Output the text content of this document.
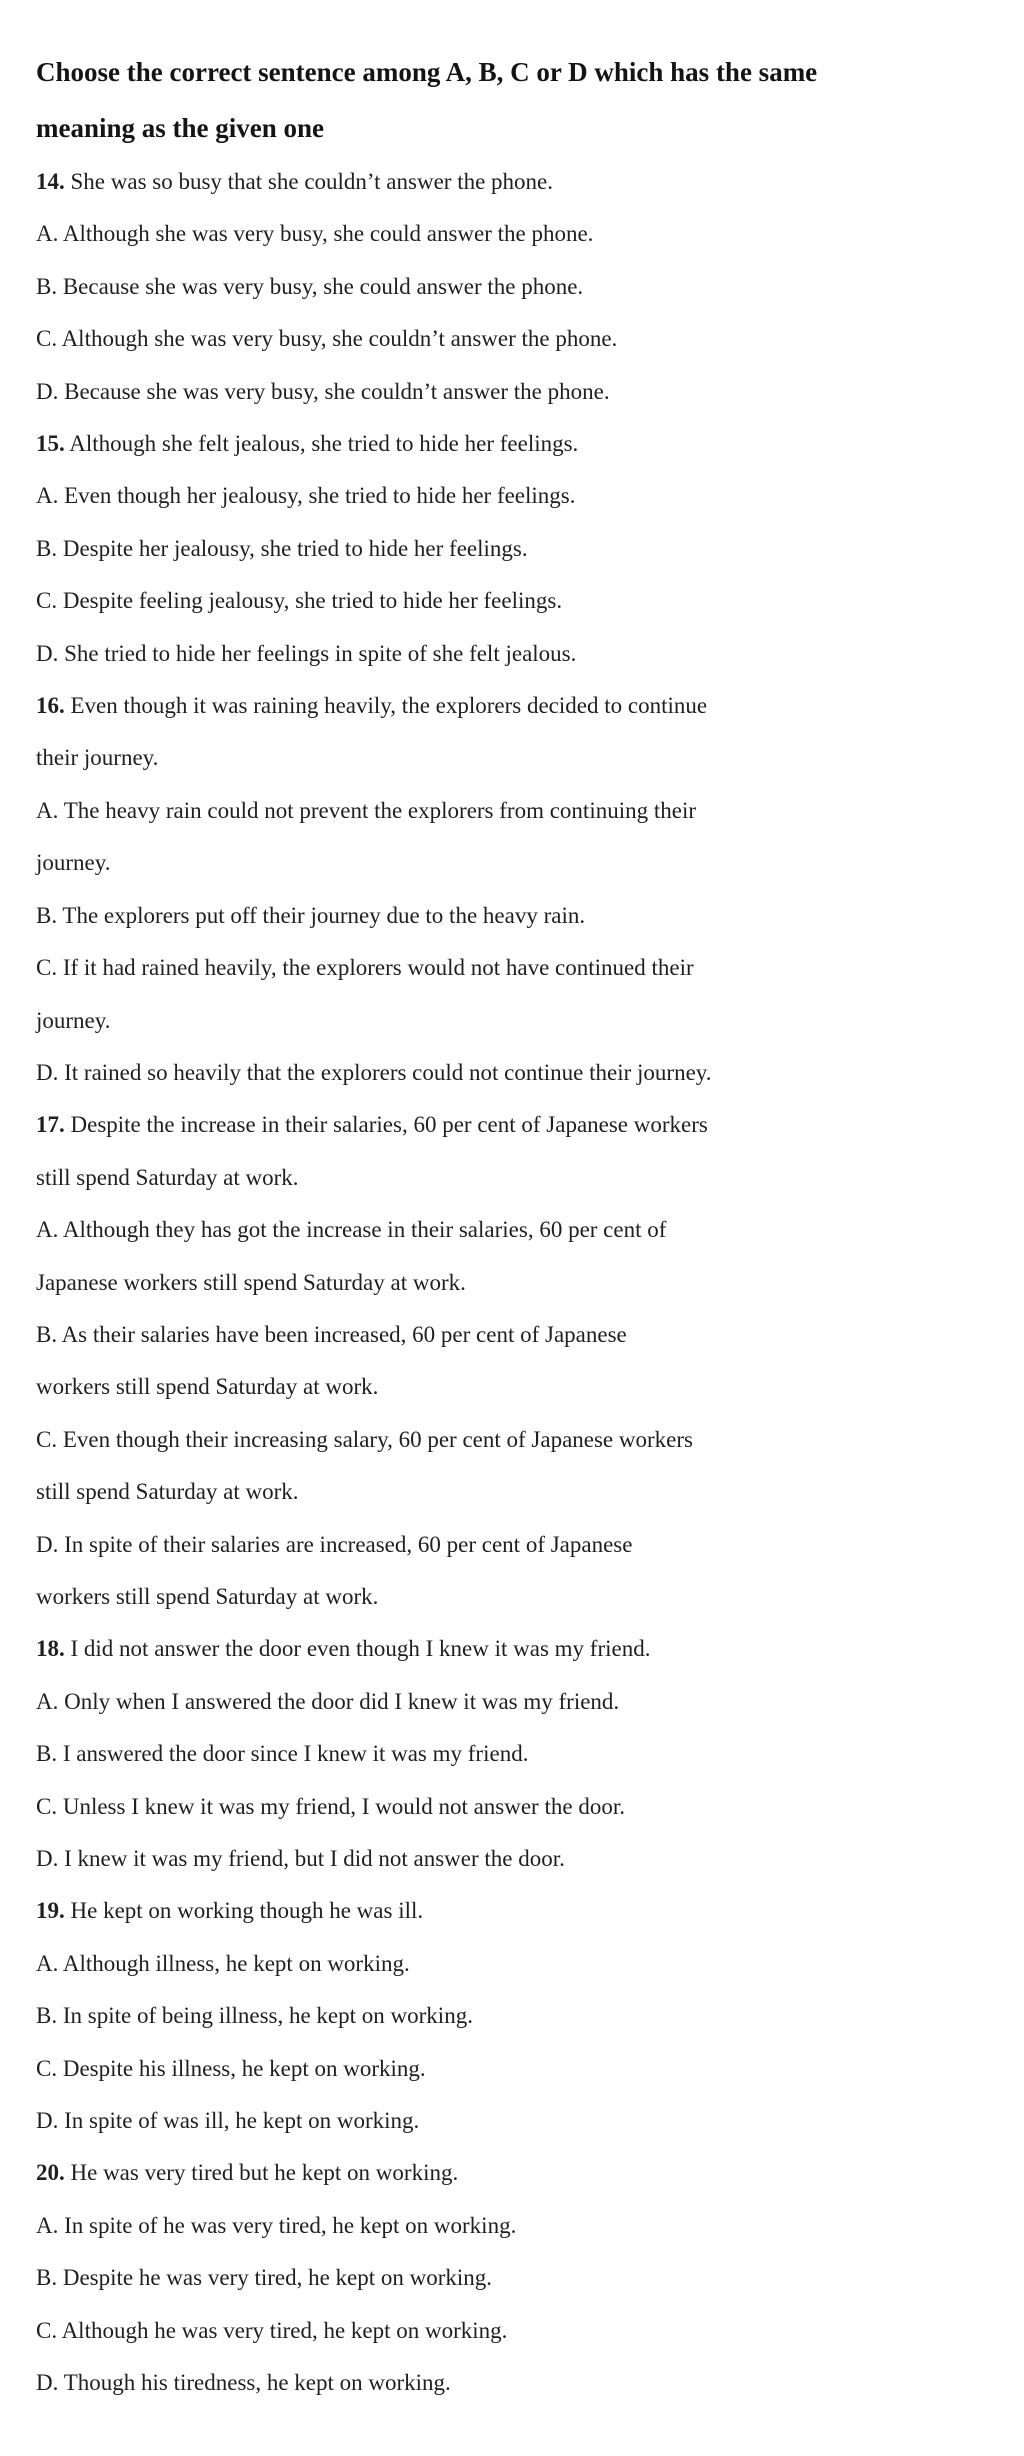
Choose the correct sentence among A, B, C or D which has the same
meaning as the given one

14. She was so busy that she couldn’t answer the phone.

A. Although she was very busy, she could answer the phone.

B. Because she was very busy, she could answer the phone.

C. Although she was very busy, she couldn’t answer the phone.

D. Because she was very busy, she couldn’t answer the phone.

15. Although she felt jealous, she tried to hide her feelings.

A. Even though her jealousy, she tried to hide her feelings.

B. Despite her jealousy, she tried to hide her feelings.

C. Despite feeling jealousy, she tried to hide her feelings.

D. She tried to hide her feelings in spite of she felt jealous.

16. Even though it was raining heavily, the explorers decided to continue

their journey.

A. The heavy rain could not prevent the explorers from continuing their

journey.

B. The explorers put off their journey due to the heavy rain.

C. If it had rained heavily, the explorers would not have continued their

journey.

D. It rained so heavily that the explorers could not continue their journey.

17. Despite the increase in their salaries, 60 per cent of Japanese workers

still spend Saturday at work.

A. Although they has got the increase in their salaries, 60 per cent of

Japanese workers still spend Saturday at work.

B. As their salaries have been increased, 60 per cent of Japanese

workers still spend Saturday at work.

C. Even though their increasing salary, 60 per cent of Japanese workers

still spend Saturday at work.

D. In spite of their salaries are increased, 60 per cent of Japanese

workers still spend Saturday at work.

18. I did not answer the door even though I knew it was my friend.

A. Only when I answered the door did I knew it was my friend.

B. I answered the door since I knew it was my friend.

C. Unless I knew it was my friend, I would not answer the door.

D. I knew it was my friend, but I did not answer the door.

19. He kept on working though he was ill.

A. Although illness, he kept on working.

B. In spite of being illness, he kept on working.

C. Despite his illness, he kept on working.

D. In spite of was ill, he kept on working.

20. He was very tired but he kept on working.

A. In spite of he was very tired, he kept on working.

B. Despite he was very tired, he kept on working.

C. Although he was very tired, he kept on working.

D. Though his tiredness, he kept on working.
